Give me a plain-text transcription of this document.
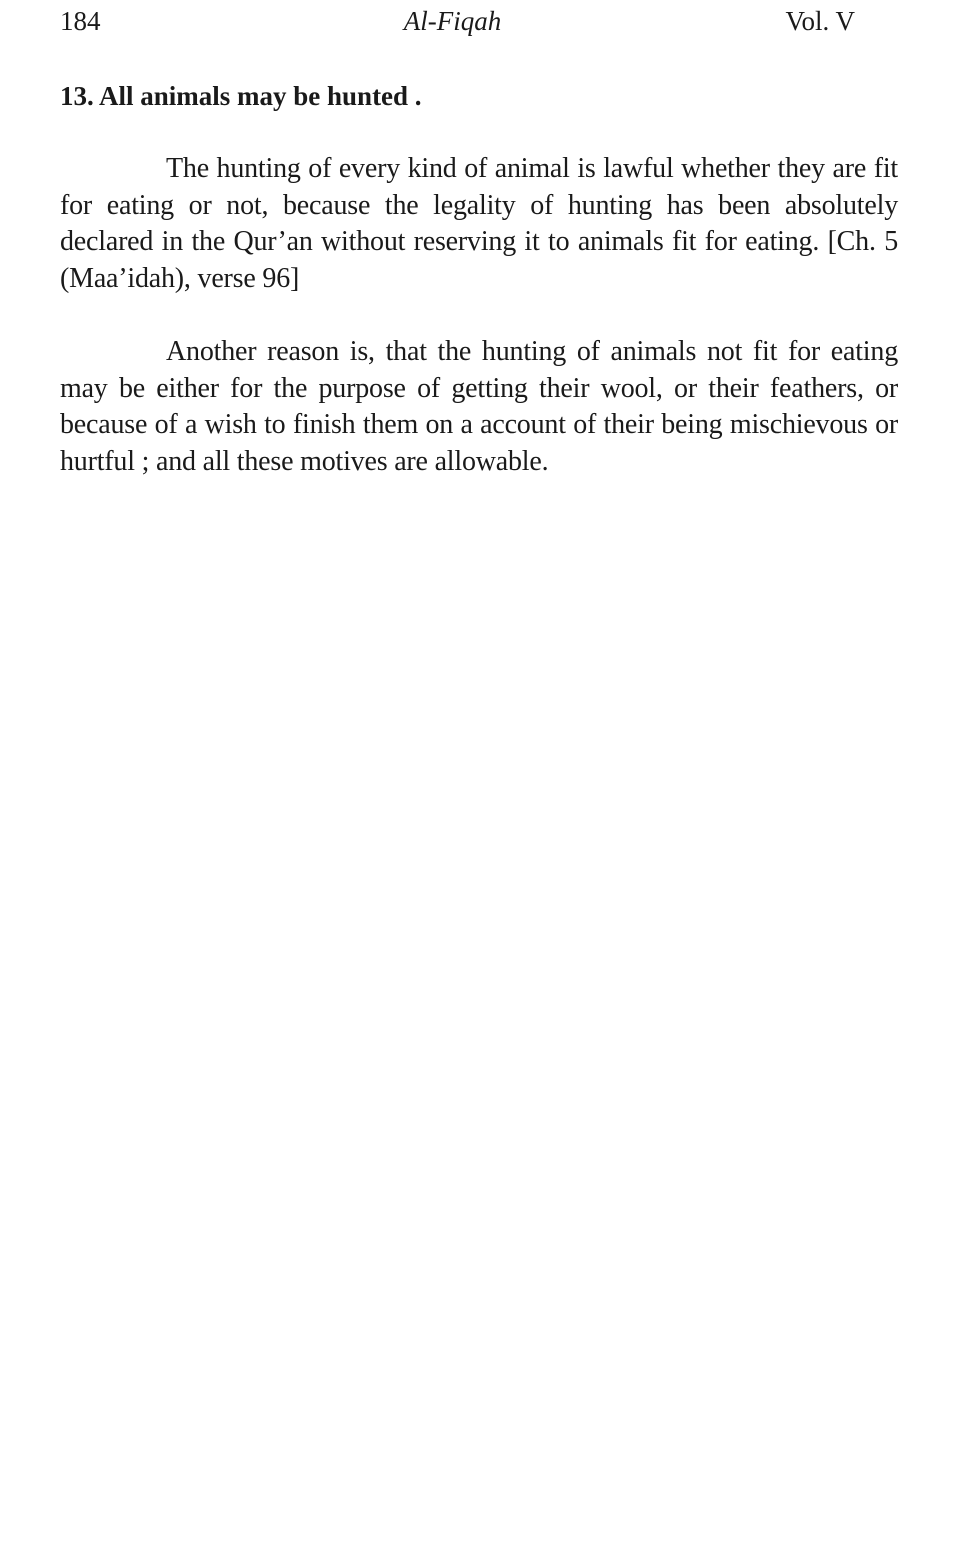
184	Al-Fiqah	Vol. V
13. All animals may be hunted .

The hunting of every kind of animal is lawful whether they are fit for eating or not, because the legality of hunting has been absolutely declared in the Qur’an without reserving it to animals fit for eating. [Ch. 5 (Maa’idah), verse 96]

Another reason is, that the hunting of animals not fit for eating may be either for the purpose of getting their wool, or their feathers, or because of a wish to finish them on a account of their being mischievous or hurtful ; and all these motives are allowable.
